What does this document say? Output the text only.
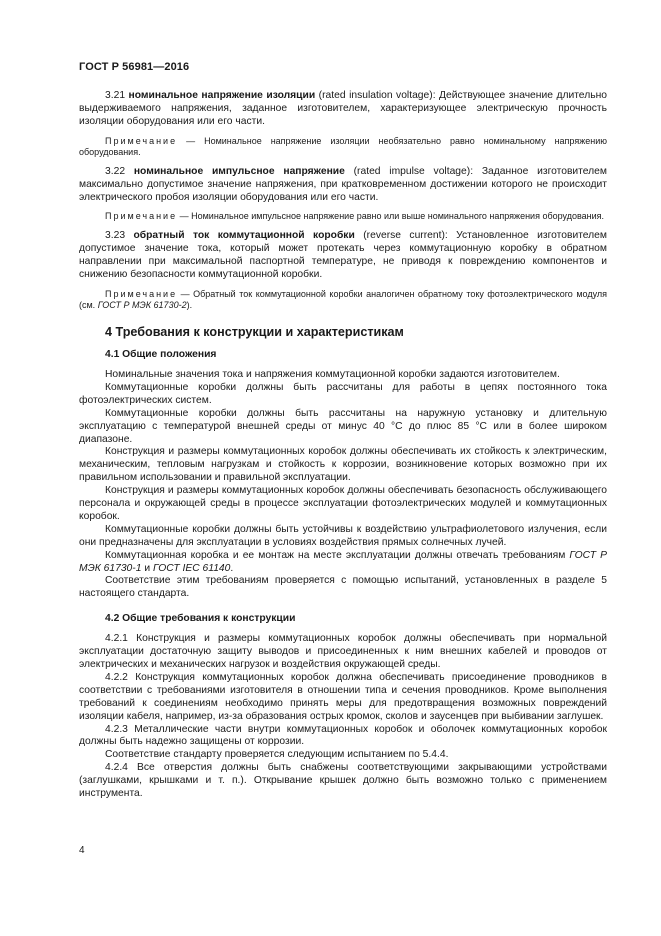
ГОСТ Р 56981—2016

3.21 номинальное напряжение изоляции (rated insulation voltage): Действующее значение длительно выдерживаемого напряжения, заданное изготовителем, характеризующее электрическую прочность изоляции оборудования или его части.

Примечание — Номинальное напряжение изоляции необязательно равно номинальному напряжению оборудования.

3.22 номинальное импульсное напряжение (rated impulse voltage): Заданное изготовителем максимально допустимое значение напряжения, при кратковременном достижении которого не происходит электрического пробоя изоляции оборудования или его части.

Примечание — Номинальное импульсное напряжение равно или выше номинального напряжения оборудования.

3.23 обратный ток коммутационной коробки (reverse current): Установленное изготовителем допустимое значение тока, который может протекать через коммутационную коробку в обратном направлении при максимальной паспортной температуре, не приводя к повреждению компонентов и снижению безопасности коммутационной коробки.

Примечание — Обратный ток коммутационной коробки аналогичен обратному току фотоэлектрического модуля (см. ГОСТ Р МЭК 61730-2).

4 Требования к конструкции и характеристикам
4.1 Общие положения

Номинальные значения тока и напряжения коммутационной коробки задаются изготовителем.

Коммутационные коробки должны быть рассчитаны для работы в цепях постоянного тока фотоэлектрических систем.

Коммутационные коробки должны быть рассчитаны на наружную установку и длительную эксплуатацию с температурой внешней среды от минус 40 °С до плюс 85 °С или в более широком диапазоне.

Конструкция и размеры коммутационных коробок должны обеспечивать их стойкость к электрическим, механическим, тепловым нагрузкам и стойкость к коррозии, возникновение которых возможно при их правильном использовании и правильной эксплуатации.

Конструкция и размеры коммутационных коробок должны обеспечивать безопасность обслуживающего персонала и окружающей среды в процессе эксплуатации фотоэлектрических модулей и коммутационных коробок.

Коммутационные коробки должны быть устойчивы к воздействию ультрафиолетового излучения, если они предназначены для эксплуатации в условиях воздействия прямых солнечных лучей.

Коммутационная коробка и ее монтаж на месте эксплуатации должны отвечать требованиям ГОСТ Р МЭК 61730-1 и ГОСТ IEC 61140.

Соответствие этим требованиям проверяется с помощью испытаний, установленных в разделе 5 настоящего стандарта.

4.2 Общие требования к конструкции

4.2.1 Конструкция и размеры коммутационных коробок должны обеспечивать при нормальной эксплуатации достаточную защиту выводов и присоединенных к ним внешних кабелей и проводов от электрических и механических нагрузок и воздействия окружающей среды.

4.2.2 Конструкция коммутационных коробок должна обеспечивать присоединение проводников в соответствии с требованиями изготовителя в отношении типа и сечения проводников. Кроме выполнения требований к соединениям необходимо принять меры для предотвращения возможных повреждений изоляции кабеля, например, из-за образования острых кромок, сколов и заусенцев при выбивании заглушек.

4.2.3 Металлические части внутри коммутационных коробок и оболочек коммутационных коробок должны быть надежно защищены от коррозии.

Соответствие стандарту проверяется следующим испытанием по 5.4.4.

4.2.4 Все отверстия должны быть снабжены соответствующими закрывающими устройствами (заглушками, крышками и т. п.). Открывание крышек должно быть возможно только с применением инструмента.

4
